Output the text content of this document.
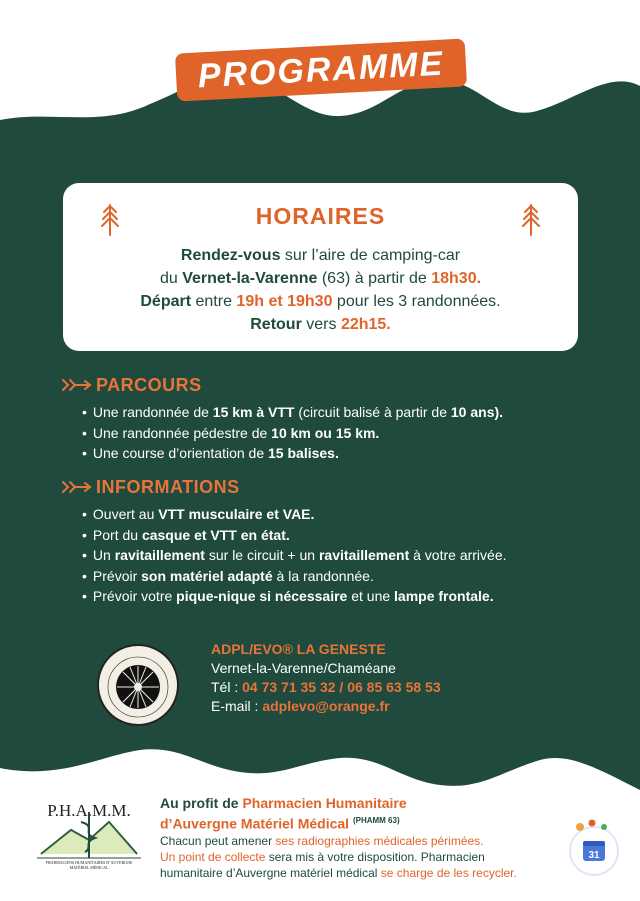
PROGRAMME
HORAIRES
Rendez-vous sur l’aire de camping-car
du Vernet-la-Varenne (63) à partir de 18h30.
Départ entre 19h et 19h30 pour les 3 randonnées.
Retour vers 22h15.
PARCOURS
• Une randonnée de 15 km à VTT (circuit balisé à partir de 10 ans).
• Une randonnée pédestre de 10 km ou 15 km.
• Une course d’orientation de 15 balises.
INFORMATIONS
• Ouvert au VTT musculaire et VAE.
• Port du casque et VTT en état.
• Un ravitaillement sur le circuit + un ravitaillement à votre arrivée.
• Prévoir son matériel adapté à la randonnée.
• Prévoir votre pique-nique si nécessaire et une lampe frontale.
ADPL/EVO® LA GENESTE
Vernet-la-Varenne/Chaméane
Tél : 04 73 71 35 32 / 06 85 63 58 53
E-mail : adplevo@orange.fr
P.H.A.M.M.
PHARMACIENS HUMANITAIRES D’AUVERGNE
MATÉRIEL MÉDICAL
Au profit de Pharmacien Humanitaire
d’Auvergne Matériel Médical $^{(PHAMM 63)}$
Chacun peut amener ses radiographies médicales périmées.
Un point de collecte sera mis à votre disposition. Pharmacien
humanitaire d’Auvergne matériel médical se charge de les recycler.
31
